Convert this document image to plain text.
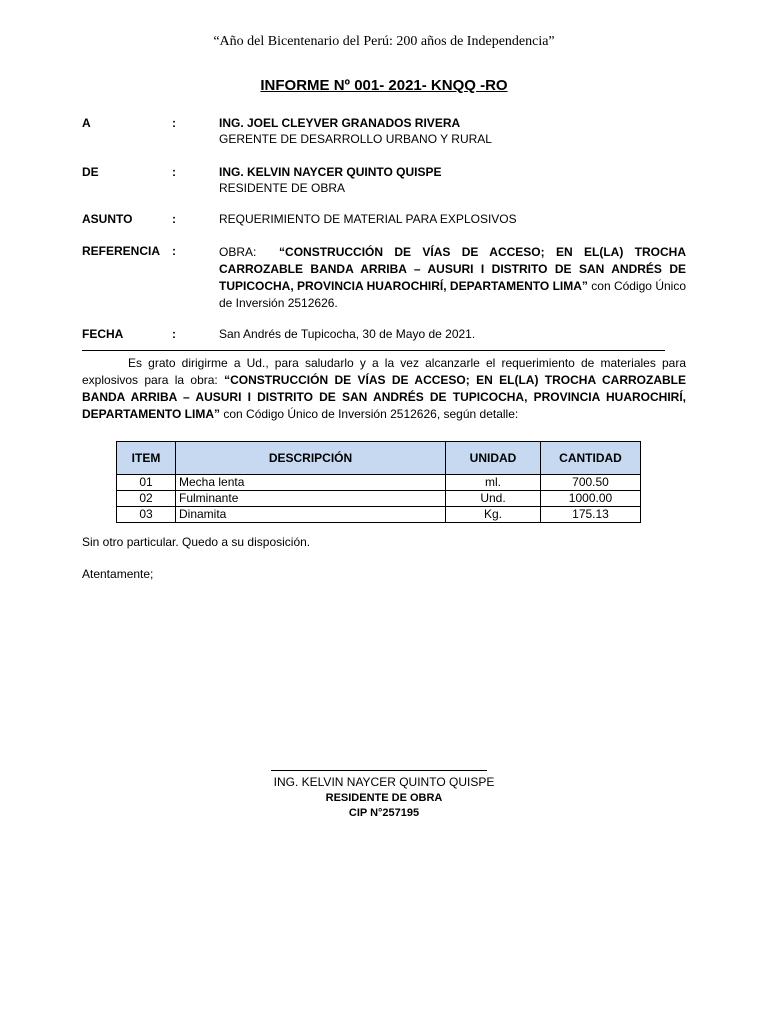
“Año del Bicentenario del Perú: 200 años de Independencia”
INFORME Nº 001- 2021- KNQQ -RO
A	:	ING. JOEL CLEYVER GRANADOS RIVERA
GERENTE DE DESARROLLO URBANO Y RURAL
DE	:	ING. KELVIN NAYCER QUINTO QUISPE
RESIDENTE DE OBRA
ASUNTO	:	REQUERIMIENTO DE MATERIAL PARA EXPLOSIVOS
REFERENCIA :	OBRA: “CONSTRUCCIÓN DE VÍAS DE ACCESO; EN EL(LA) TROCHA CARROZABLE BANDA ARRIBA – AUSURI I DISTRITO DE SAN ANDRÉS DE TUPICOCHA, PROVINCIA HUAROCHIRÍ, DEPARTAMENTO LIMA” con Código Único de Inversión 2512626.
FECHA	:	San Andrés de Tupicocha, 30 de Mayo de 2021.
Es grato dirigirme a Ud., para saludarlo y a la vez alcanzarle el requerimiento de materiales para explosivos para la obra: “CONSTRUCCIÓN DE VÍAS DE ACCESO; EN EL(LA) TROCHA CARROZABLE BANDA ARRIBA – AUSURI I DISTRITO DE SAN ANDRÉS DE TUPICOCHA, PROVINCIA HUAROCHIRÍ, DEPARTAMENTO LIMA” con Código Único de Inversión 2512626, según detalle:
ITEM	DESCRIPCIÓN	UNIDAD	CANTIDAD
01	Mecha lenta	ml.	700.50
02	Fulminante	Und.	1000.00
03	Dinamita	Kg.	175.13
Sin otro particular. Quedo a su disposición.
Atentamente;
ING. KELVIN NAYCER QUINTO QUISPE
RESIDENTE DE OBRA
CIP N°257195
